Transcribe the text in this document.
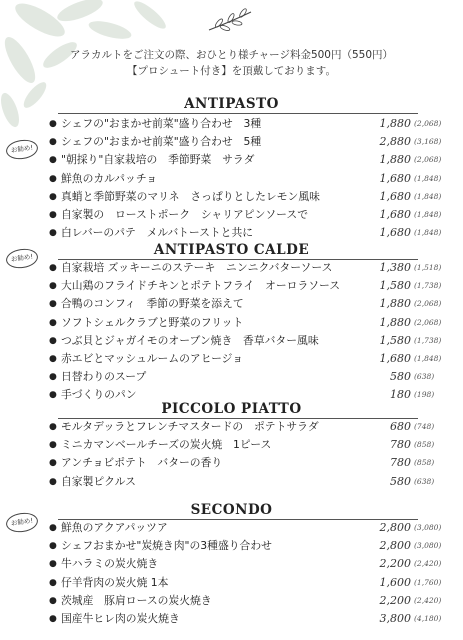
アラカルトをご注文の際、おひとり様チャージ料金500円（550円）
【プロシュート付き】を頂戴しております。
ANTIPASTO
● シェフの"おまかせ前菜"盛り合わせ　3種	1,880 (2,068)
● シェフの"おまかせ前菜"盛り合わせ　5種	2,880 (3,168)
● "朝採り"自家栽培の　季節野菜　サラダ	1,880 (2,068)
● 鮮魚のカルパッチョ	1,680 (1,848)
● 真蛸と季節野菜のマリネ　さっぱりとしたレモン風味	1,680 (1,848)
● 自家製の　ローストポーク　シャリアピンソースで	1,680 (1,848)
● 白レバーのパテ　メルバトーストと共に	1,680 (1,848)
ANTIPASTO CALDE
● 自家栽培 ズッキーニのステーキ　ニンニクバターソース	1,380 (1,518)
● 大山鶏のフライドチキンとポテトフライ　オーロラソース	1,580 (1,738)
● 合鴨のコンフィ　季節の野菜を添えて	1,880 (2,068)
● ソフトシェルクラブと野菜のフリット	1,880 (2,068)
● つぶ貝とジャガイモのオーブン焼き　香草バター風味	1,580 (1,738)
● 赤エビとマッシュルームのアヒージョ	1,680 (1,848)
● 日替わりのスープ	580 (638)
● 手づくりのパン	180 (198)
PICCOLO PIATTO
● モルタデッラとフレンチマスタードの　ポテトサラダ	680 (748)
● ミニカマンベールチーズの炭火焼　1ピース	780 (858)
● アンチョビポテト　バターの香り	780 (858)
● 自家製ピクルス	580 (638)
SECONDO
● 鮮魚のアクアパッツア	2,800 (3,080)
● シェフおまかせ"炭焼き肉"の3種盛り合わせ	2,800 (3,080)
● 牛ハラミの炭火焼き	2,200 (2,420)
● 仔羊背肉の炭火焼 1本	1,600 (1,760)
● 茨城産　豚肩ロースの炭火焼き	2,200 (2,420)
● 国産牛ヒレ肉の炭火焼き	3,800 (4,180)
お勧め!
お勧め!
お勧め!
